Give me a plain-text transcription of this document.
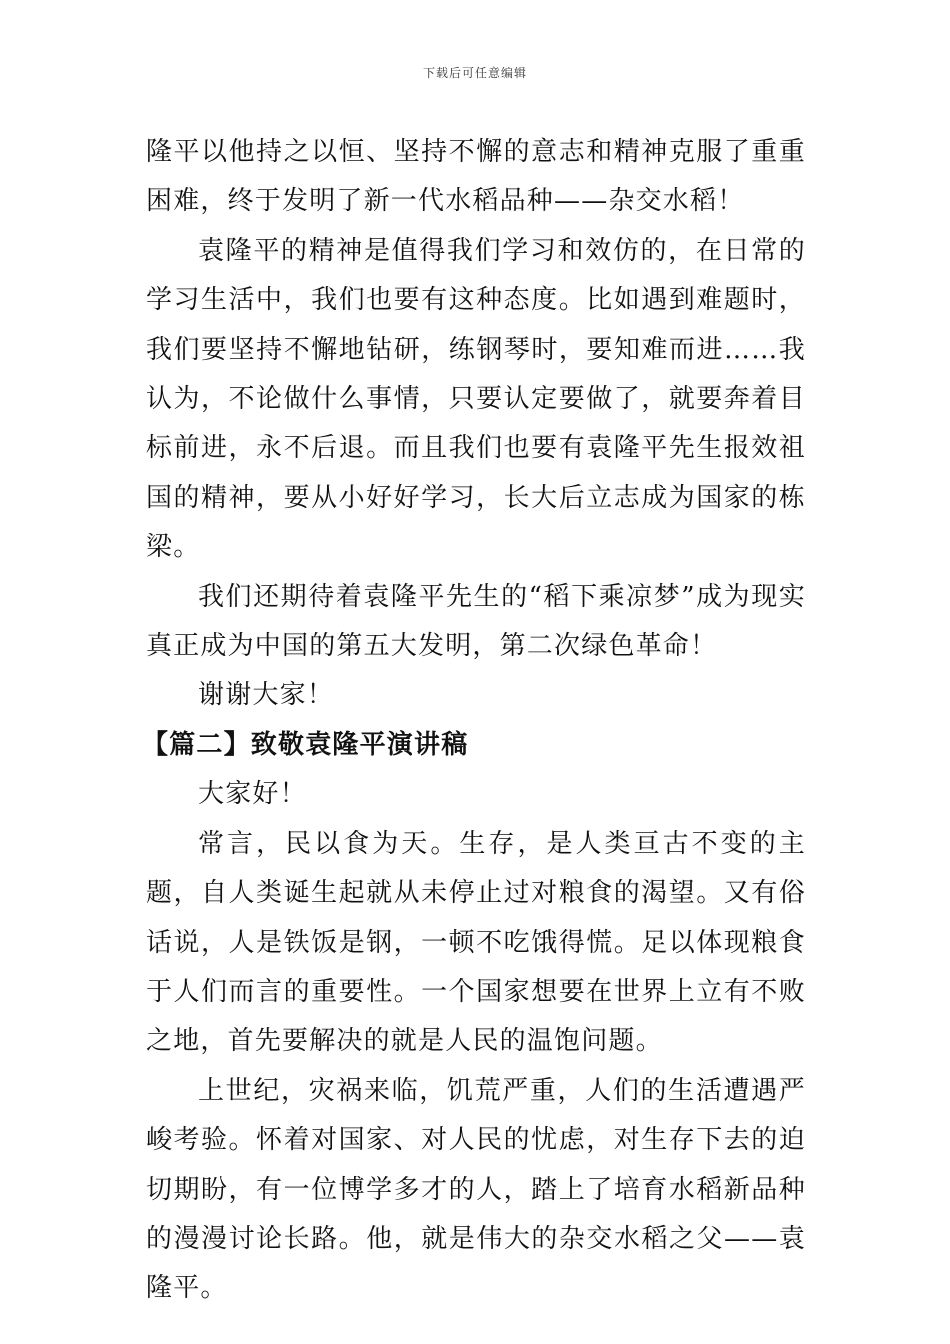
下载后可任意编辑

隆平以他持之以恒、坚持不懈的意志和精神克服了重重困难，终于发明了新一代水稻品种——杂交水稻！

袁隆平的精神是值得我们学习和效仿的，在日常的学习生活中，我们也要有这种态度。比如遇到难题时，我们要坚持不懈地钻研，练钢琴时，要知难而进……我认为，不论做什么事情，只要认定要做了，就要奔着目标前进，永不后退。而且我们也要有袁隆平先生报效祖国的精神，要从小好好学习，长大后立志成为国家的栋梁。

我们还期待着袁隆平先生的“稻下乘凉梦”成为现实真正成为中国的第五大发明，第二次绿色革命！

谢谢大家！

【篇二】致敬袁隆平演讲稿

大家好！

常言，民以食为天。生存，是人类亘古不变的主题，自人类诞生起就从未停止过对粮食的渴望。又有俗话说，人是铁饭是钢，一顿不吃饿得慌。足以体现粮食于人们而言的重要性。一个国家想要在世界上立有不败之地，首先要解决的就是人民的温饱问题。

上世纪，灾祸来临，饥荒严重，人们的生活遭遇严峻考验。怀着对国家、对人民的忧虑，对生存下去的迫切期盼，有一位博学多才的人，踏上了培育水稻新品种的漫漫讨论长路。他，就是伟大的杂交水稻之父——袁隆平。
